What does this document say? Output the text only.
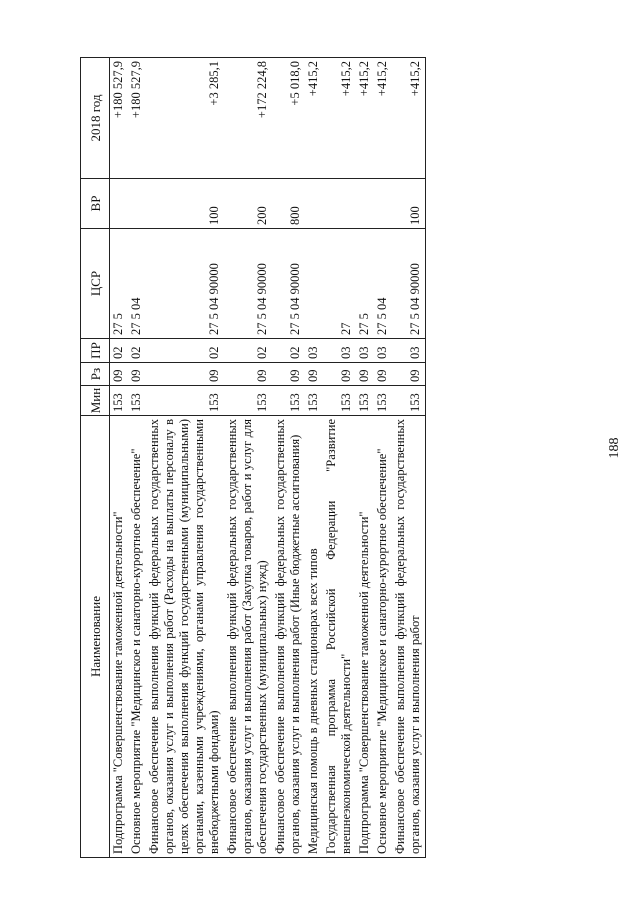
188
Наименование	Мин	Рз	ПР	ЦСР	ВР	2018 год
Подпрограмма "Совершенствование таможенной деятельности"	153	09	02	27 5		+180 527,9
Основное мероприятие "Медицинское и санаторно-курортное обеспечение"	153	09	02	27 5 04		+180 527,9
Финансовое обеспечение выполнения функций федеральных государственных органов, оказания услуг и выполнения работ (Расходы на выплаты персоналу в целях обеспечения выполнения функций государственными (муниципальными) органами, казенными учреждениями, органами управления государственными внебюджетными фондами)	153	09	02	27 5 04 90000	100	+3 285,1
Финансовое обеспечение выполнения функций федеральных государственных органов, оказания услуг и выполнения работ (Закупка товаров, работ и услуг для обеспечения государственных (муниципальных) нужд)	153	09	02	27 5 04 90000	200	+172 224,8
Финансовое обеспечение выполнения функций федеральных государственных органов, оказания услуг и выполнения работ (Иные бюджетные ассигнования)	153	09	02	27 5 04 90000	800	+5 018,0
Медицинская помощь в дневных стационарах всех типов	153	09	03			+415,2
Государственная программа Российской Федерации "Развитие внешнеэкономической деятельности"	153	09	03	27		+415,2
Подпрограмма "Совершенствование таможенной деятельности"	153	09	03	27 5		+415,2
Основное мероприятие "Медицинское и санаторно-курортное обеспечение"	153	09	03	27 5 04		+415,2
Финансовое обеспечение выполнения функций федеральных государственных органов, оказания услуг и выполнения работ	153	09	03	27 5 04 90000	100	+415,2
